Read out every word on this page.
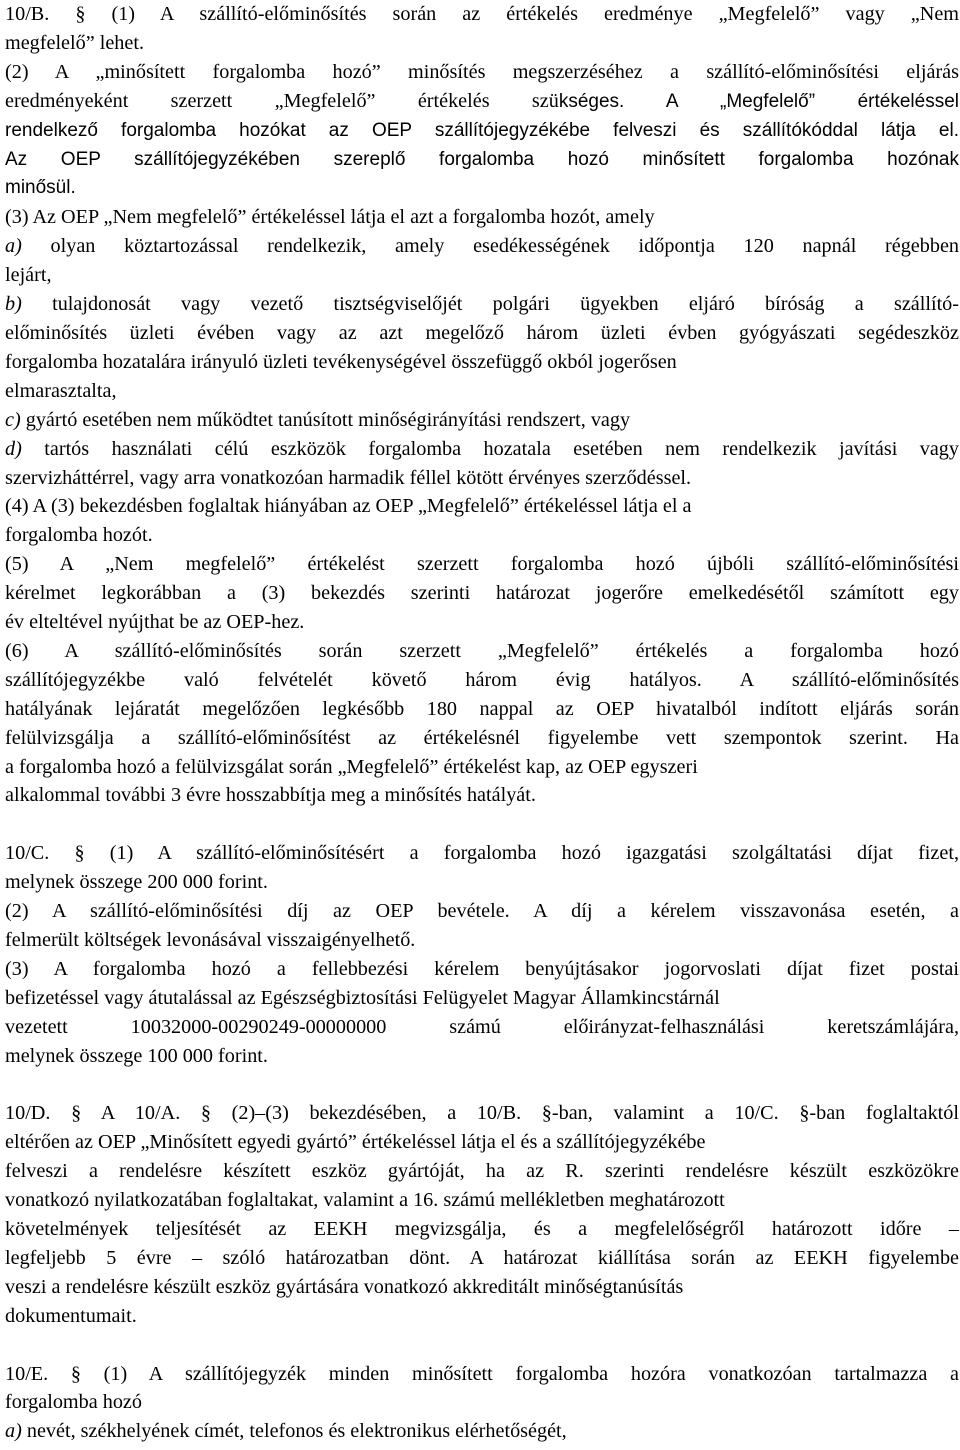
10/B. § (1) A szállító-előminősítés során az értékelés eredménye „Megfelelő” vagy „Nem
megfelelő” lehet.
(2) A „minősített forgalomba hozó” minősítés megszerzéséhez a szállító-előminősítési eljárás
eredményeként szerzett „Megfelelő” értékelés szükséges. A „Megfelelő” értékeléssel
rendelkező forgalomba hozókat az OEP szállítójegyzékébe felveszi és szállítókóddal látja el.
Az OEP szállítójegyzékében szereplő forgalomba hozó minősített forgalomba hozónak
minősül.
(3) Az OEP „Nem megfelelő” értékeléssel látja el azt a forgalomba hozót, amely
a) olyan köztartozással rendelkezik, amely esedékességének időpontja 120 napnál régebben
lejárt,
b) tulajdonosát vagy vezető tisztségviselőjét polgári ügyekben eljáró bíróság a szállító-
előminősítés üzleti évében vagy az azt megelőző három üzleti évben gyógyászati segédeszköz
forgalomba hozatalára irányuló üzleti tevékenységével összefüggő okból jogerősen
elmarasztalta,
c) gyártó esetében nem működtet tanúsított minőségirányítási rendszert, vagy
d) tartós használati célú eszközök forgalomba hozatala esetében nem rendelkezik javítási vagy
szervizháttérrel, vagy arra vonatkozóan harmadik féllel kötött érvényes szerződéssel.
(4) A (3) bekezdésben foglaltak hiányában az OEP „Megfelelő” értékeléssel látja el a
forgalomba hozót.
(5) A „Nem megfelelő” értékelést szerzett forgalomba hozó újbóli szállító-előminősítési
kérelmet legkorábban a (3) bekezdés szerinti határozat jogerőre emelkedésétől számított egy
év elteltével nyújthat be az OEP-hez.
(6) A szállító-előminősítés során szerzett „Megfelelő” értékelés a forgalomba hozó
szállítójegyzékbe való felvételét követő három évig hatályos. A szállító-előminősítés
hatályának lejáratát megelőzően legkésőbb 180 nappal az OEP hivatalból indított eljárás során
felülvizsgálja a szállító-előminősítést az értékelésnél figyelembe vett szempontok szerint. Ha
a forgalomba hozó a felülvizsgálat során „Megfelelő” értékelést kap, az OEP egyszeri
alkalommal további 3 évre hosszabbítja meg a minősítés hatályát.
10/C. § (1) A szállító-előminősítésért a forgalomba hozó igazgatási szolgáltatási díjat fizet,
melynek összege 200 000 forint.
(2) A szállító-előminősítési díj az OEP bevétele. A díj a kérelem visszavonása esetén, a
felmerült költségek levonásával visszaigényelhető.
(3) A forgalomba hozó a fellebbezési kérelem benyújtásakor jogorvoslati díjat fizet postai
befizetéssel vagy átutalással az Egészségbiztosítási Felügyelet Magyar Államkincstárnál
vezetett 10032000-00290249-00000000 számú előirányzat-felhasználási keretszámlájára,
melynek összege 100 000 forint.
10/D. § A 10/A. § (2)–(3) bekezdésében, a 10/B. §-ban, valamint a 10/C. §-ban foglaltaktól
eltérően az OEP „Minősített egyedi gyártó” értékeléssel látja el és a szállítójegyzékébe
felveszi a rendelésre készített eszköz gyártóját, ha az R. szerinti rendelésre készült eszközökre
vonatkozó nyilatkozatában foglaltakat, valamint a 16. számú mellékletben meghatározott
követelmények teljesítését az EEKH megvizsgálja, és a megfelelőségről határozott időre –
legfeljebb 5 évre – szóló határozatban dönt. A határozat kiállítása során az EEKH figyelembe
veszi a rendelésre készült eszköz gyártására vonatkozó akkreditált minőségtanúsítás
dokumentumait.
10/E. § (1) A szállítójegyzék minden minősített forgalomba hozóra vonatkozóan tartalmazza a
forgalomba hozó
a) nevét, székhelyének címét, telefonos és elektronikus elérhetőségét,
